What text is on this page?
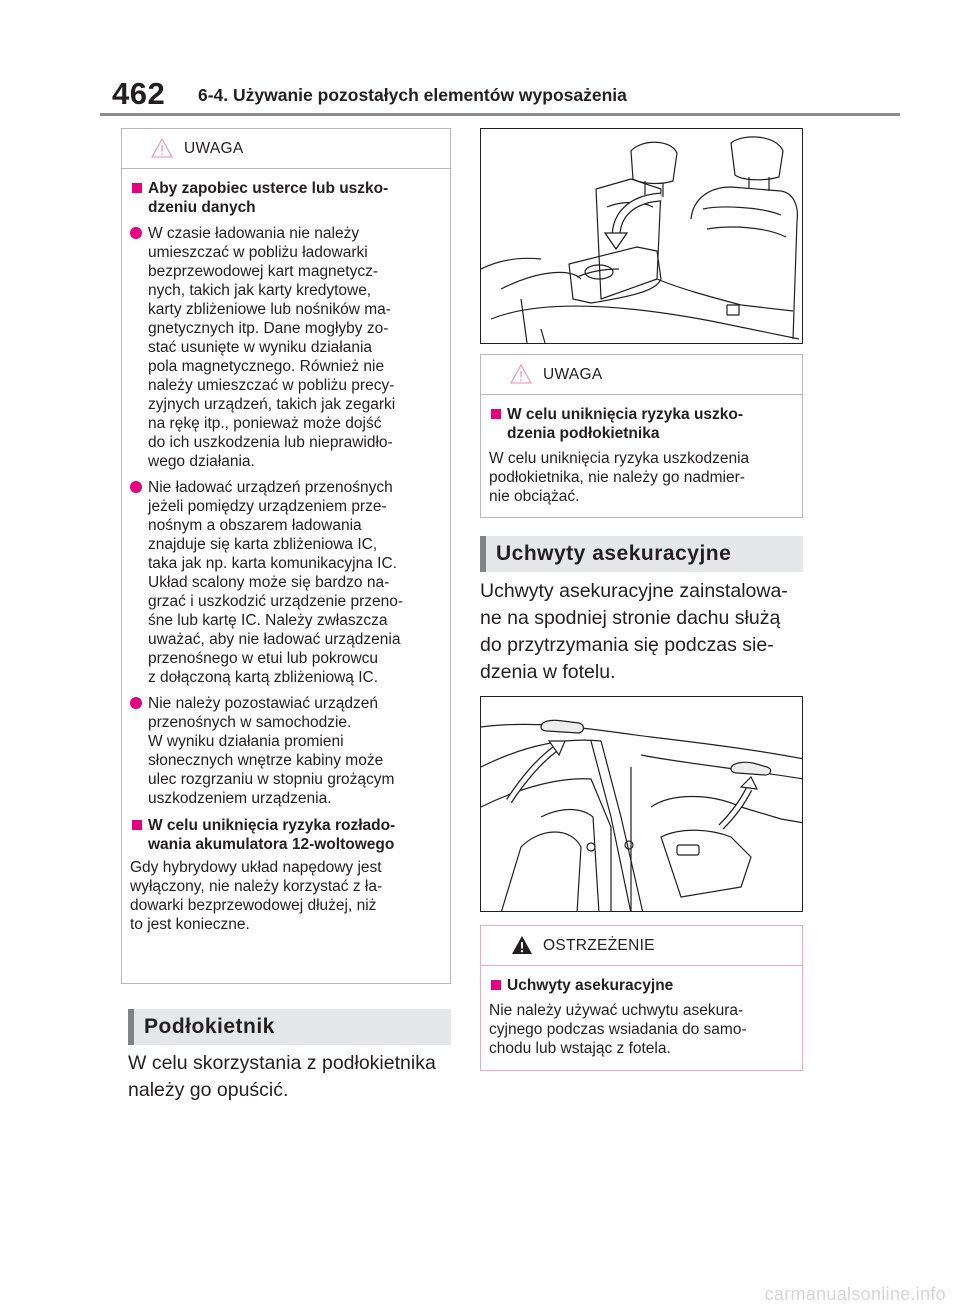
462 6-4. Używanie pozostałych elementów wyposażenia
UWAGA
Aby zapobiec usterce lub uszko-
dzeniu danych
W czasie ładowania nie należy
umieszczać w pobliżu ładowarki
bezprzewodowej kart magnetycz-
nych, takich jak karty kredytowe,
karty zbliżeniowe lub nośników ma-
gnetycznych itp. Dane mogłyby zo-
stać usunięte w wyniku działania
pola magnetycznego. Również nie
należy umieszczać w pobliżu precy-
zyjnych urządzeń, takich jak zegarki
na rękę itp., ponieważ może dojść
do ich uszkodzenia lub nieprawidło-
wego działania.
Nie ładować urządzeń przenośnych
jeżeli pomiędzy urządzeniem prze-
nośnym a obszarem ładowania
znajduje się karta zbliżeniowa IC,
taka jak np. karta komunikacyjna IC.
Układ scalony może się bardzo na-
grzać i uszkodzić urządzenie przeno-
śne lub kartę IC. Należy zwłaszcza
uważać, aby nie ładować urządzenia
przenośnego w etui lub pokrowcu
z dołączoną kartą zbliżeniową IC.
Nie należy pozostawiać urządzeń
przenośnych w samochodzie.
W wyniku działania promieni
słonecznych wnętrze kabiny może
ulec rozgrzaniu w stopniu grożącym
uszkodzeniem urządzenia.
W celu uniknięcia ryzyka rozłado-
wania akumulatora 12-woltowego
Gdy hybrydowy układ napędowy jest
wyłączony, nie należy korzystać z ła-
dowarki bezprzewodowej dłużej, niż
to jest konieczne.
Podłokietnik
W celu skorzystania z podłokietnika
należy go opuścić.
UWAGA
W celu uniknięcia ryzyka uszko-
dzenia podłokietnika
W celu uniknięcia ryzyka uszkodzenia
podłokietnika, nie należy go nadmier-
nie obciążać.
Uchwyty asekuracyjne
Uchwyty asekuracyjne zainstalowa-
ne na spodniej stronie dachu służą
do przytrzymania się podczas sie-
dzenia w fotelu.
OSTRZEŻENIE
Uchwyty asekuracyjne
Nie należy używać uchwytu asekura-
cyjnego podczas wsiadania do samo-
chodu lub wstając z fotela.
carmanualsonline.info
